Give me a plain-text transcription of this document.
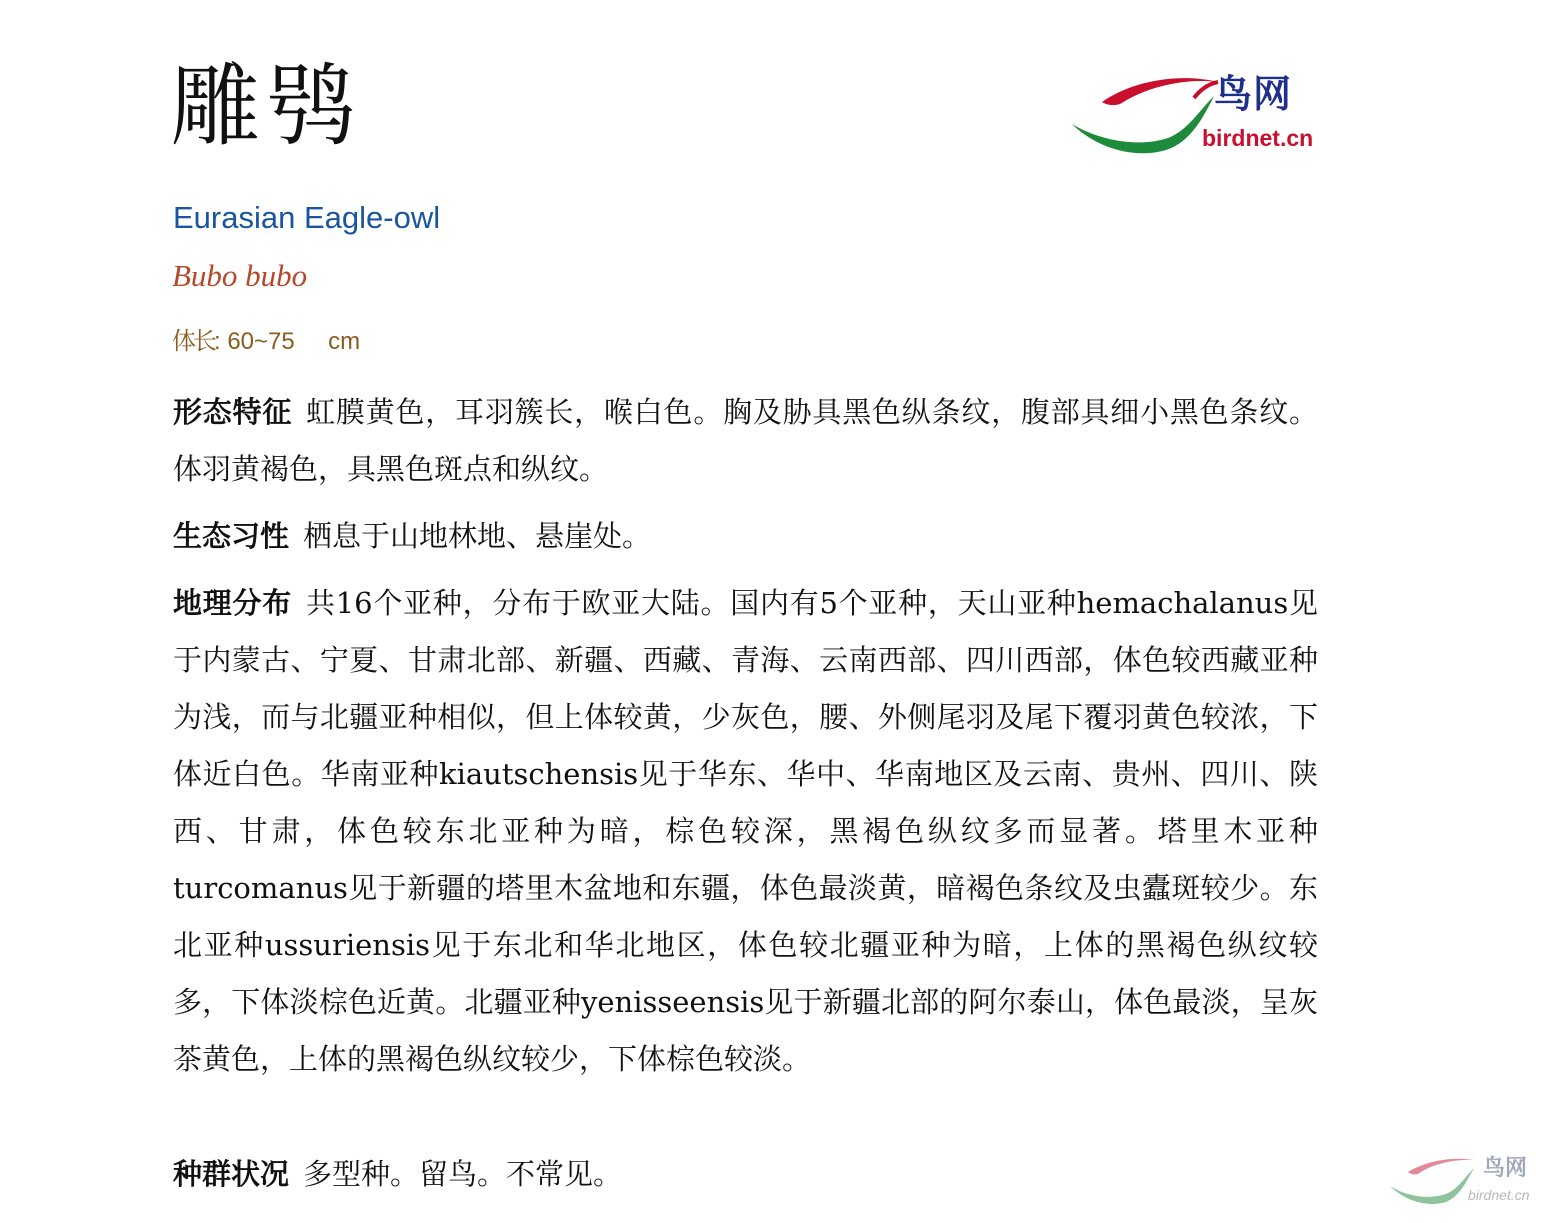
雕鸮	鸟网
birdnet.cn
Eurasian Eagle-owl
Bubo bubo
体长: 60~75     cm

形态特征 虹膜黄色，耳羽簇长，喉白色。胸及胁具黑色纵条纹，腹部具细小黑色条纹。体羽黄褐色，具黑色斑点和纵纹。

生态习性 栖息于山地林地、悬崖处。

地理分布 共16个亚种，分布于欧亚大陆。国内有5个亚种，天山亚种hemachalanus见于内蒙古、宁夏、甘肃北部、新疆、西藏、青海、云南西部、四川西部，体色较西藏亚种为浅，而与北疆亚种相似，但上体较黄，少灰色，腰、外侧尾羽及尾下覆羽黄色较浓，下体近白色。华南亚种kiautschensis见于华东、华中、华南地区及云南、贵州、四川、陕西、甘肃，体色较东北亚种为暗，棕色较深，黑褐色纵纹多而显著。塔里木亚种turcomanus见于新疆的塔里木盆地和东疆，体色最淡黄，暗褐色条纹及虫蠹斑较少。东北亚种ussuriensis见于东北和华北地区，体色较北疆亚种为暗，上体的黑褐色纵纹较多，下体淡棕色近黄。北疆亚种yenisseensis见于新疆北部的阿尔泰山，体色最淡，呈灰茶黄色，上体的黑褐色纵纹较少，下体棕色较淡。

种群状况 多型种。留鸟。不常见。	鸟网
birdnet.cn
